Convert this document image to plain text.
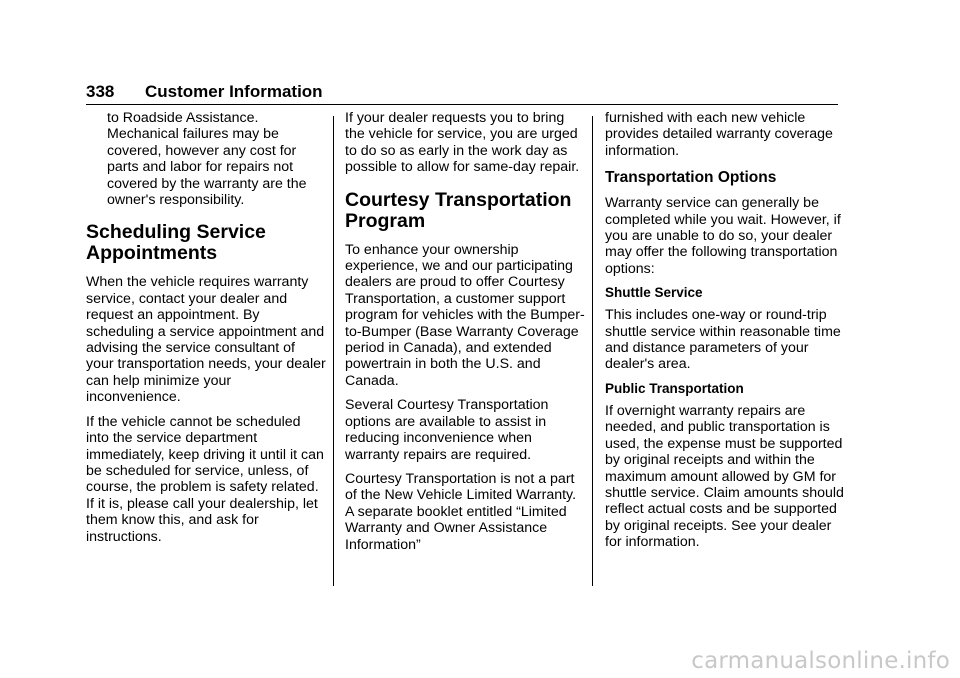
338 Customer Information

to Roadside Assistance. Mechanical failures may be covered, however any cost for parts and labor for repairs not covered by the warranty are the owner's responsibility.

Scheduling Service
Appointments

When the vehicle requires warranty service, contact your dealer and request an appointment. By scheduling a service appointment and advising the service consultant of your transportation needs, your dealer can help minimize your inconvenience.

If the vehicle cannot be scheduled into the service department immediately, keep driving it until it can be scheduled for service, unless, of course, the problem is safety related. If it is, please call your dealership, let them know this, and ask for instructions.

If your dealer requests you to bring the vehicle for service, you are urged to do so as early in the work day as possible to allow for same-day repair.

Courtesy Transportation
Program

To enhance your ownership experience, we and our participating dealers are proud to offer Courtesy Transportation, a customer support program for vehicles with the Bumper-to-Bumper (Base Warranty Coverage period in Canada), and extended powertrain in both the U.S. and Canada.

Several Courtesy Transportation options are available to assist in reducing inconvenience when warranty repairs are required.

Courtesy Transportation is not a part of the New Vehicle Limited Warranty. A separate booklet entitled “Limited Warranty and Owner Assistance Information”

furnished with each new vehicle provides detailed warranty coverage information.

Transportation Options

Warranty service can generally be completed while you wait. However, if you are unable to do so, your dealer may offer the following transportation options:

Shuttle Service

This includes one-way or round-trip shuttle service within reasonable time and distance parameters of your dealer's area.

Public Transportation

If overnight warranty repairs are needed, and public transportation is used, the expense must be supported by original receipts and within the maximum amount allowed by GM for shuttle service. Claim amounts should reflect actual costs and be supported by original receipts. See your dealer for information.

carmanualsonline.info
